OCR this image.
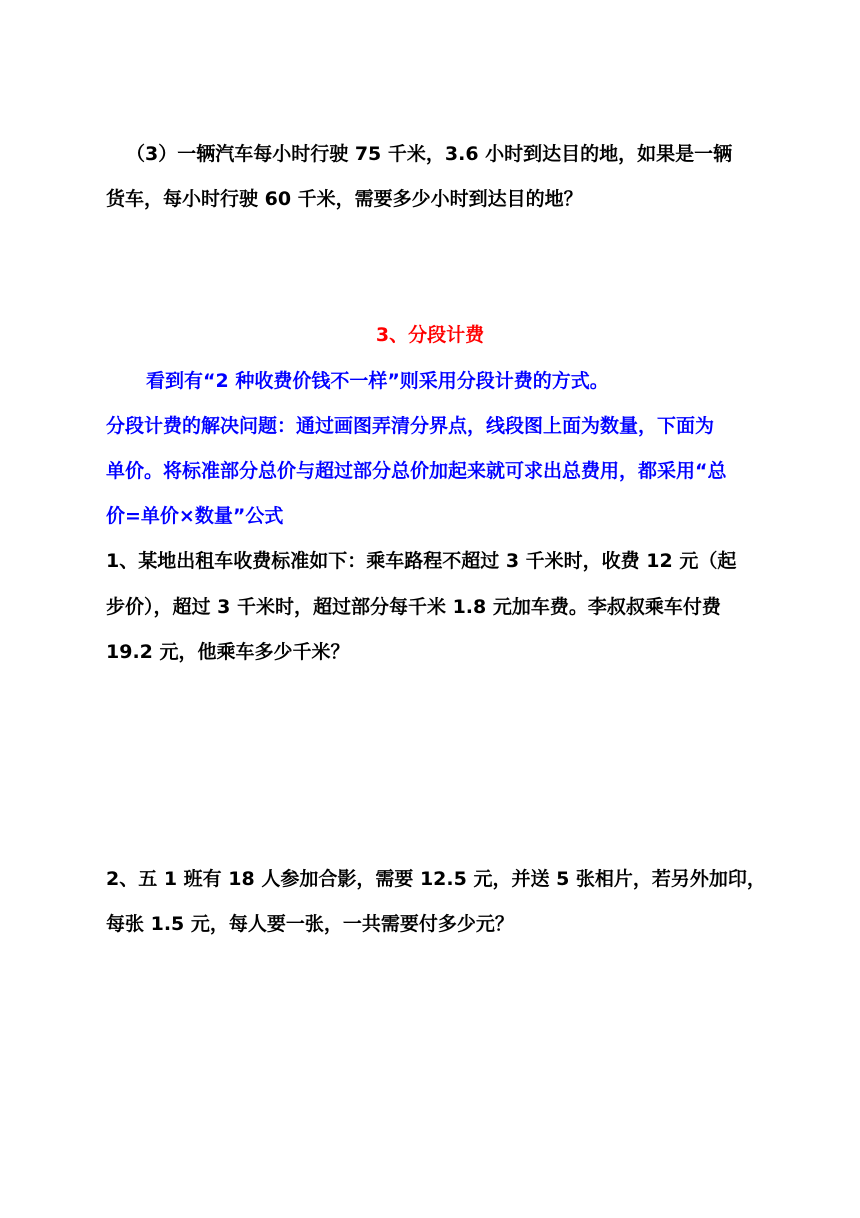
（3）一辆汽车每小时行驶 75 千米，3.6 小时到达目的地，如果是一辆
货车，每小时行驶 60 千米，需要多少小时到达目的地？
3、分段计费
看到有“2 种收费价钱不一样”则采用分段计费的方式。
分段计费的解决问题：通过画图弄清分界点，线段图上面为数量，下面为
单价。将标准部分总价与超过部分总价加起来就可求出总费用，都采用“总
价=单价×数量”公式
1、某地出租车收费标准如下：乘车路程不超过 3 千米时，收费 12 元（起
步价），超过 3 千米时，超过部分每千米 1.8 元加车费。李叔叔乘车付费
19.2 元，他乘车多少千米？
2、五 1 班有 18 人参加合影，需要 12.5 元，并送 5 张相片，若另外加印，
每张 1.5 元，每人要一张，一共需要付多少元？
